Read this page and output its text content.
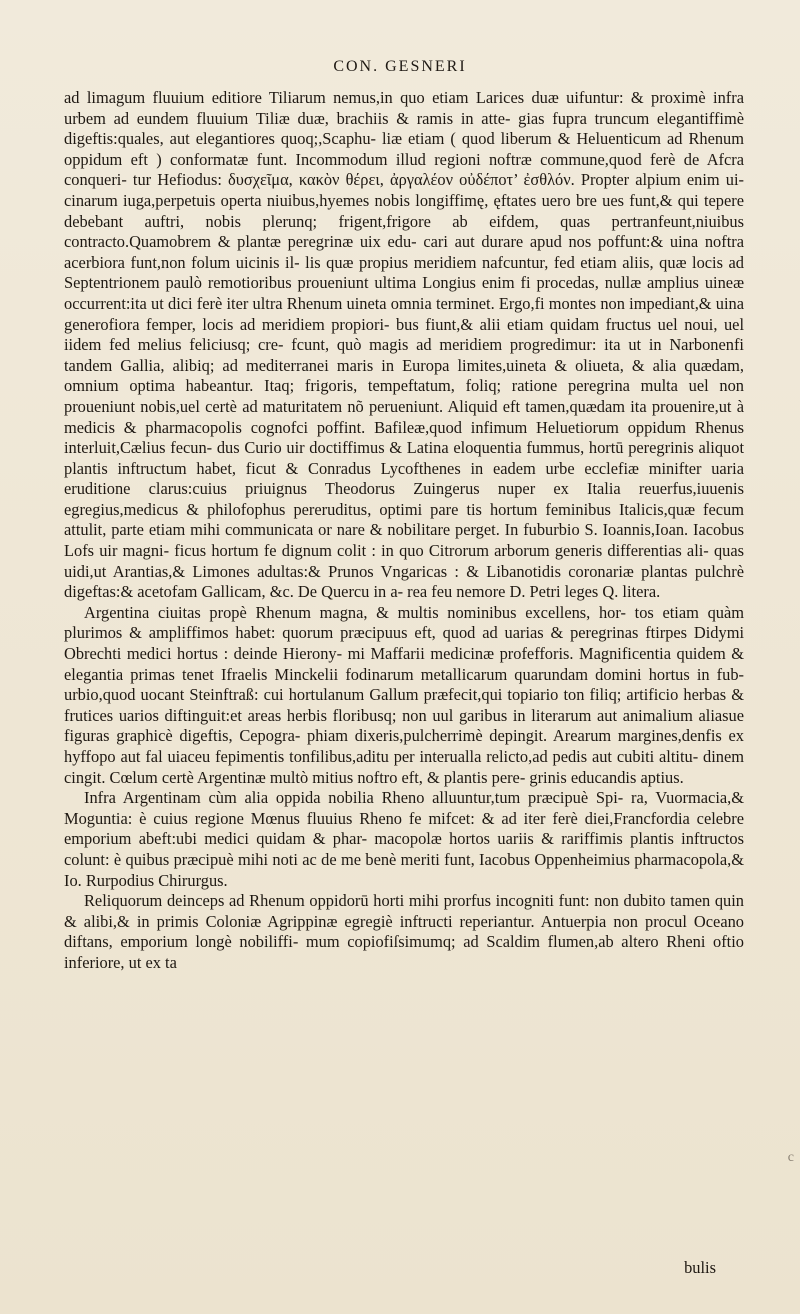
CON. GESNERI

ad limagum fluuium editiore Tiliarum nemus,in quo etiam Larices duæ uifuntur: & proximè infra urbem ad eundem fluuium Tiliæ duæ, brachiis & ramis in atte- gias fupra truncum elegantiffimè digeftis:quales, aut elegantiores quoq;,Scaphu- liæ etiam ( quod liberum & Heluenticum ad Rhenum oppidum eft ) conformatæ funt. Incommodum illud regioni noftræ commune,quod ferè de Afcra conqueri- tur Hefiodus: δυσχεῖμα, κακὸν θέρει, ἀργαλέον οὐδέποτ’ ἐσθλόν. Propter alpium enim ui- cinarum iuga,perpetuis operta niuibus,hyemes nobis longiffimę, ęftates uero bre ues funt,& qui tepere debebant auftri, nobis plerunq; frigent,frigore ab eifdem, quas pertranfeunt,niuibus contracto.Quamobrem & plantæ peregrinæ uix edu- cari aut durare apud nos poffunt:& uina noftra acerbiora funt,non folum uicinis il- lis quæ propius meridiem nafcuntur, fed etiam aliis, quæ locis ad Septentrionem paulò remotioribus proueniunt ultima Longius enim fi procedas, nullæ amplius uineæ occurrent:ita ut dici ferè iter ultra Rhenum uineta omnia terminet. Ergo,fi montes non impediant,& uina generofiora femper, locis ad meridiem propiori- bus fiunt,& alii etiam quidam fructus uel noui, uel iidem fed melius feliciusq; cre- fcunt, quò magis ad meridiem progredimur: ita ut in Narbonenfi tandem Gallia, alibiq; ad mediterranei maris in Europa limites,uineta & oliueta, & alia quædam, omnium optima habeantur. Itaq; frigoris, tempeftatum, foliq; ratione peregrina multa uel non proueniunt nobis,uel certè ad maturitatem nõ perueniunt. Aliquid eft tamen,quædam ita prouenire,ut à medicis & pharmacopolis cognofci poffint. Bafileæ,quod infimum Heluetiorum oppidum Rhenus interluit,Cælius fecun- dus Curio uir doctiffimus & Latina eloquentia fummus, hortū peregrinis aliquot plantis inftructum habet, ficut & Conradus Lycofthenes in eadem urbe ecclefiæ minifter uaria eruditione clarus:cuius priuignus Theodorus Zuingerus nuper ex Italia reuerfus,iuuenis egregius,medicus & philofophus pereruditus, optimi pare tis hortum feminibus Italicis,quæ fecum attulit, parte etiam mihi communicata or nare & nobilitare perget. In fuburbio S. Ioannis,Ioan. Iacobus Lofs uir magni- ficus hortum fe dignum colit : in quo Citrorum arborum generis differentias ali- quas uidi,ut Arantias,& Limones adultas:& Prunos Vngaricas : & Libanotidis coronariæ plantas pulchrè digeftas:& acetofam Gallicam, &c. De Quercu in a- rea feu nemore D. Petri leges Q. litera.

Argentina ciuitas propè Rhenum magna, & multis nominibus excellens, hor- tos etiam quàm plurimos & ampliffimos habet: quorum præcipuus eft, quod ad uarias & peregrinas ftirpes Didymi Obrechti medici hortus : deinde Hierony- mi Maffarii medicinæ profefforis. Magnificentia quidem & elegantia primas tenet Ifraelis Minckelii fodinarum metallicarum quarundam domini hortus in fub- urbio,quod uocant Steinftraß: cui hortulanum Gallum præfecit,qui topiario ton filiq; artificio herbas & frutices uarios diftinguit:et areas herbis floribusq; non uul garibus in literarum aut animalium aliasue figuras graphicè digeftis, Cepogra- phiam dixeris,pulcherrimè depingit. Arearum margines,denfis ex hyffopo aut fal uiaceu fepimentis tonfilibus,aditu per interualla relicto,ad pedis aut cubiti altitu- dinem cingit. Cœlum certè Argentinæ multò mitius noftro eft, & plantis pere- grinis educandis aptius.

Infra Argentinam cùm alia oppida nobilia Rheno alluuntur,tum præcipuè Spi- ra, Vuormacia,& Moguntia: è cuius regione Mœnus fluuius Rheno fe mifcet: & ad iter ferè diei,Francfordia celebre emporium abeft:ubi medici quidam & phar- macopolæ hortos uariis & rariffimis plantis inftructos colunt: è quibus præcipuè mihi noti ac de me benè meriti funt, Iacobus Oppenheimius pharmacopola,& Io. Rurpodius Chirurgus.

Reliquorum deinceps ad Rhenum oppidorū horti mihi prorfus incogniti funt: non dubito tamen quin & alibi,& in primis Coloniæ Agrippinæ egregiè inftructi reperiantur. Antuerpia non procul Oceano diftans, emporium longè nobiliffi- mum copiofiſsimumq; ad Scaldim flumen,ab altero Rheni oftio inferiore, ut ex ta

bulis
c
